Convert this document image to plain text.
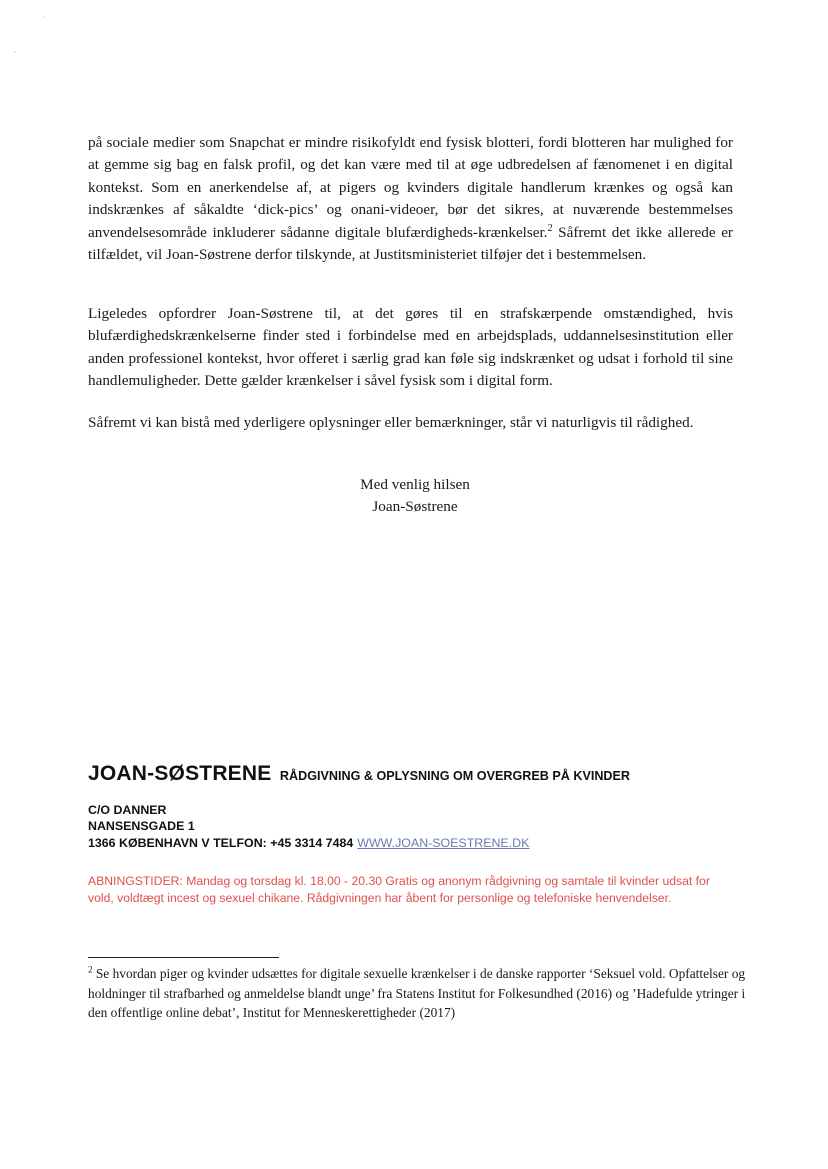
˙
-
på sociale medier som Snapchat er mindre risikofyldt end fysisk blotteri, fordi blotteren har mulighed for at gemme sig bag en falsk profil, og det kan være med til at øge udbredelsen af fænomenet i en digital kontekst. Som en anerkendelse af, at pigers og kvinders digitale handlerum krænkes og også kan indskrænkes af såkaldte ‘dick-pics’ og onani-videoer, bør det sikres, at nuværende bestemmelses anvendelsesområde inkluderer sådanne digitale blufærdigheds-krænkelser.$^2$ Såfremt det ikke allerede er tilfældet, vil Joan-Søstrene derfor tilskynde, at Justitsministeriet tilføjer det i bestemmelsen.
Ligeledes opfordrer Joan-Søstrene til, at det gøres til en strafskærpende omstændighed, hvis blufærdighedskrænkelserne finder sted i forbindelse med en arbejdsplads, uddannelsesinstitution eller anden professionel kontekst, hvor offeret i særlig grad kan føle sig indskrænket og udsat i forhold til sine handlemuligheder. Dette gælder krænkelser i såvel fysisk som i digital form.
Såfremt vi kan bistå med yderligere oplysninger eller bemærkninger, står vi naturligvis til rådighed.
Med venlig hilsen
Joan-Søstrene
JOAN-SØSTRENE RÅDGIVNING & OPLYSNING OM OVERGREB PÅ KVINDER
C/O DANNER
NANSENSGADE 1
1366 KØBENHAVN V TELFON: +45 3314 7484 WWW.JOAN-SOESTRENE.DK
ABNINGSTIDER: Mandag og torsdag kl. 18.00 - 20.30 Gratis og anonym rådgivning og samtale til kvinder udsat for vold, voldtægt incest og sexuel chikane. Rådgivningen har åbent for personlige og telefoniske henvendelser.
$^2$ Se hvordan piger og kvinder udsættes for digitale sexuelle krænkelser i de danske rapporter ‘Seksuel vold. Opfattelser og holdninger til strafbarhed og anmeldelse blandt unge’ fra Statens Institut for Folkesundhed (2016) og ’Hadefulde ytringer i den offentlige online debat’, Institut for Menneskerettigheder (2017)
